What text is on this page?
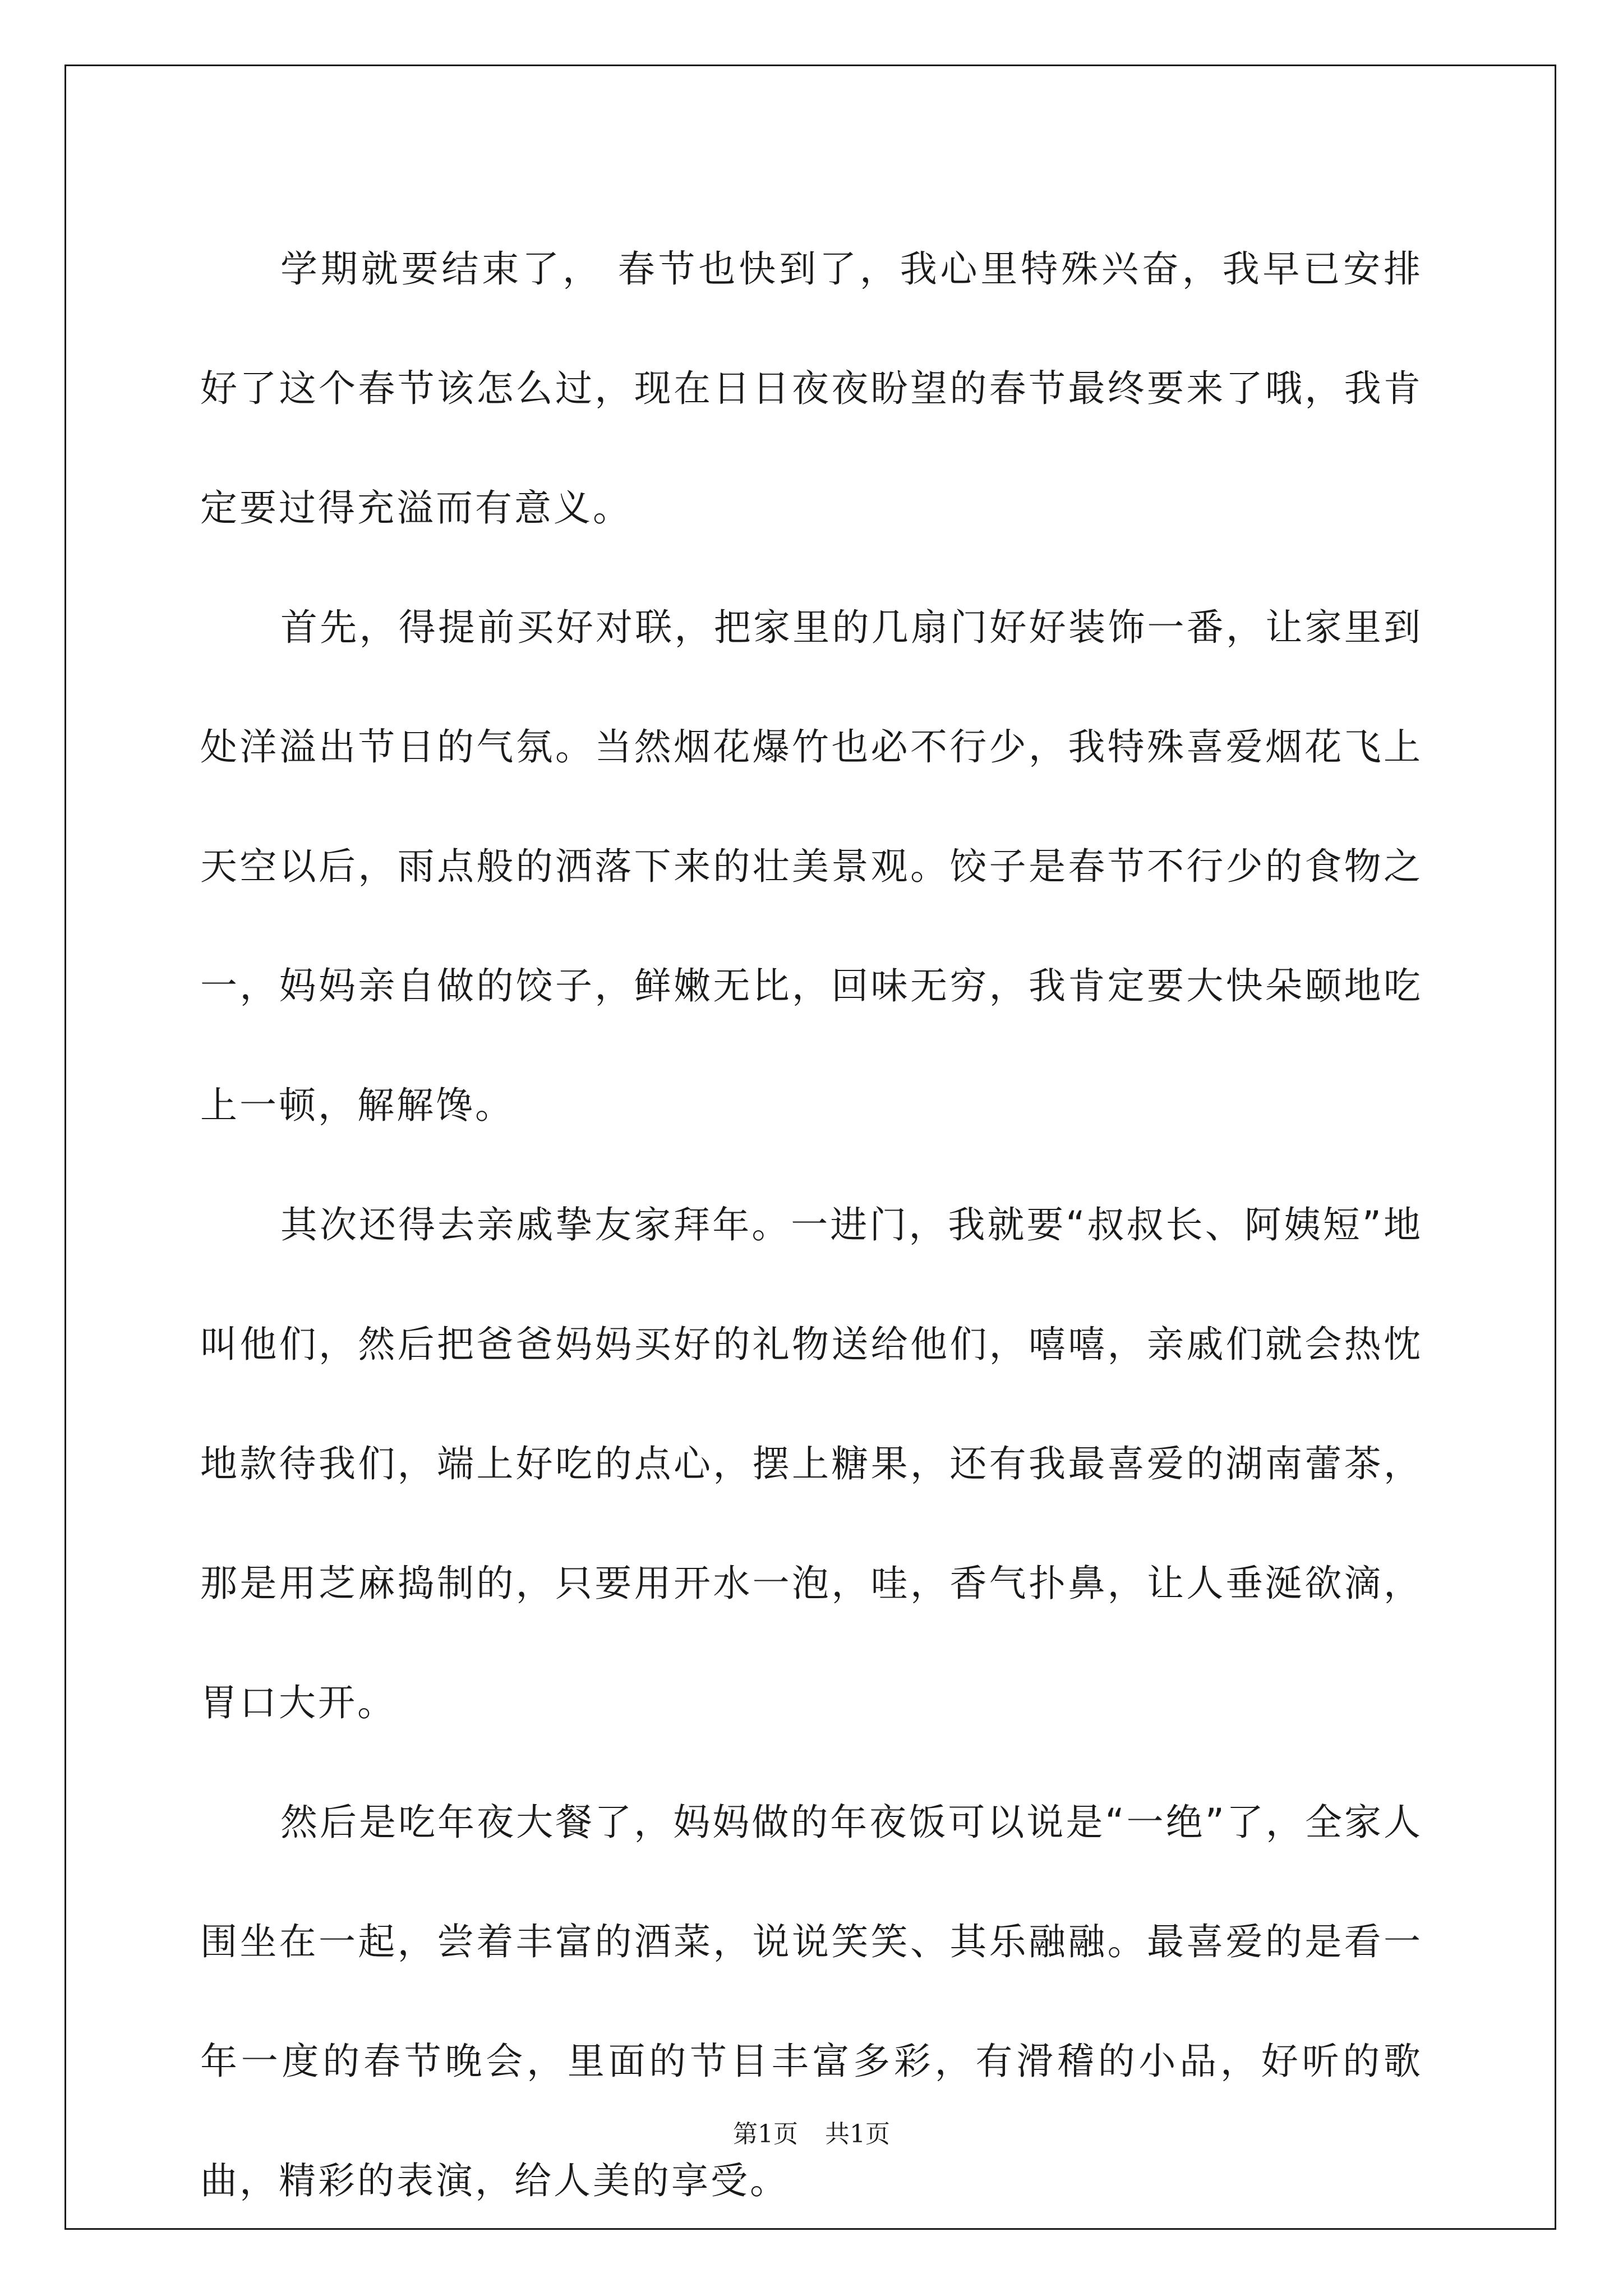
学期就要结束了， 春节也快到了，我心里特殊兴奋，我早已安排好了这个春节该怎么过，现在日日夜夜盼望的春节最终要来了哦，我肯定要过得充溢而有意义。

首先，得提前买好对联，把家里的几扇门好好装饰一番，让家里到处洋溢出节日的气氛。当然烟花爆竹也必不行少，我特殊喜爱烟花飞上天空以后，雨点般的洒落下来的壮美景观。饺子是春节不行少的食物之一，妈妈亲自做的饺子，鲜嫩无比，回味无穷，我肯定要大快朵颐地吃上一顿，解解馋。

其次还得去亲戚挚友家拜年。一进门，我就要“叔叔长、阿姨短”地叫他们，然后把爸爸妈妈买好的礼物送给他们，嘻嘻，亲戚们就会热忱地款待我们，端上好吃的点心，摆上糖果，还有我最喜爱的湖南蕾茶，那是用芝麻捣制的，只要用开水一泡，哇，香气扑鼻，让人垂涎欲滴，胃口大开。

然后是吃年夜大餐了，妈妈做的年夜饭可以说是“一绝”了，全家人围坐在一起，尝着丰富的酒菜，说说笑笑、其乐融融。最喜爱的是看一年一度的春节晚会，里面的节目丰富多彩，有滑稽的小品，好听的歌曲，精彩的表演，给人美的享受。

第1页 共1页
